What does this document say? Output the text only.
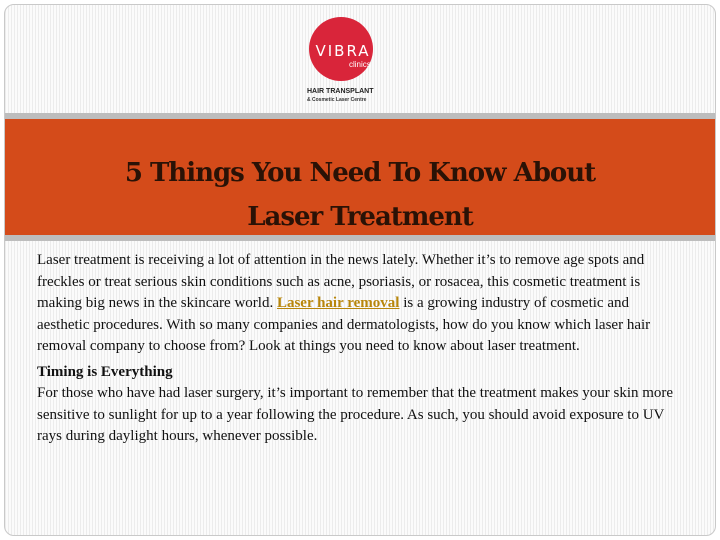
VIBRA
clinics
HAIR TRANSPLANT
& Cosmetic Laser Centre
5 Things You Need To Know About
Laser Treatment

Laser treatment is receiving a lot of attention in the news lately. Whether it’s to remove age spots and freckles or treat serious skin conditions such as acne, psoriasis, or rosacea, this cosmetic treatment is making big news in the skincare world. Laser hair removal is a growing industry of cosmetic and aesthetic procedures. With so many companies and dermatologists, how do you know which laser hair removal company to choose from? Look at things you need to know about laser treatment.

Timing is Everything

For those who have had laser surgery, it’s important to remember that the treatment makes your skin more sensitive to sunlight for up to a year following the procedure. As such, you should avoid exposure to UV rays during daylight hours, whenever possible.
